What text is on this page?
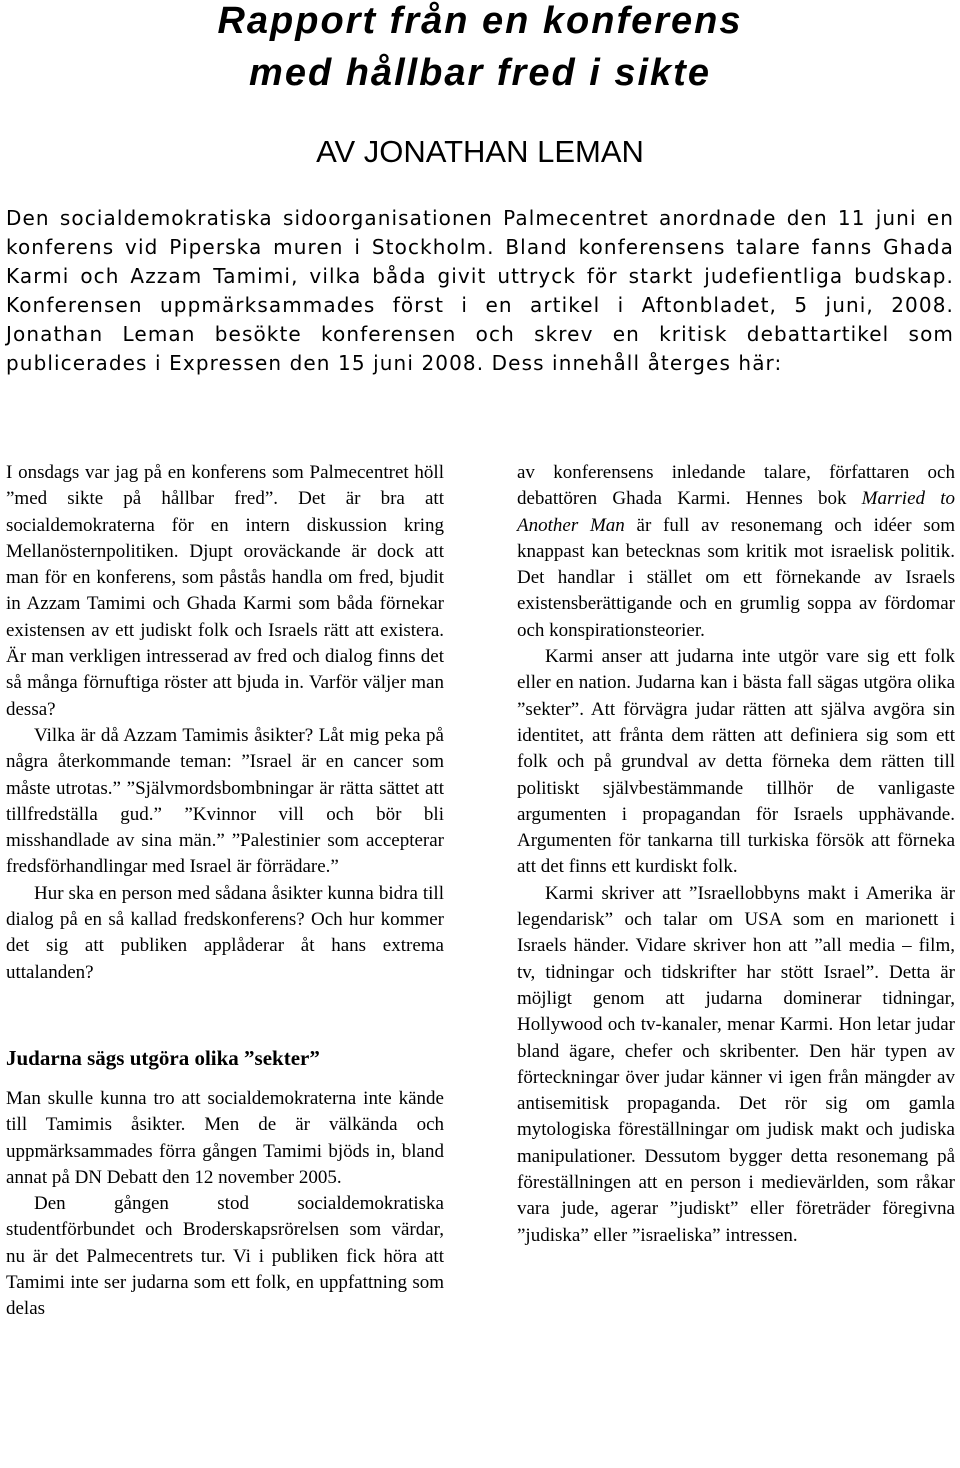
Rapport från en konferens
med hållbar fred i sikte
AV JONATHAN LEMAN

Den socialdemokratiska sidoorganisationen Palmecentret anordnade den 11 juni en konferens vid Piperska muren i Stockholm. Bland konferensens talare fanns Ghada Karmi och Azzam Tamimi, vilka båda givit uttryck för starkt judefientliga budskap. Konferensen uppmärksammades först i en artikel i Aftonbladet, 5 juni, 2008. Jonathan Leman besökte konferensen och skrev en kritisk debattartikel som publicerades i Expressen den 15 juni 2008. Dess innehåll återges här:

I onsdags var jag på en konferens som Palmecentret höll ”med sikte på hållbar fred”. Det är bra att socialdemokraterna för en intern diskussion kring Mellanösternpolitiken. Djupt oroväckande är dock att man för en konferens, som påstås handla om fred, bjudit in Azzam Tamimi och Ghada Karmi som båda förnekar existensen av ett judiskt folk och Israels rätt att existera. Är man verkligen intresserad av fred och dialog finns det så många förnuftiga röster att bjuda in. Varför väljer man dessa?

Vilka är då Azzam Tamimis åsikter? Låt mig peka på några återkommande teman: ”Israel är en cancer som måste utrotas.” ”Självmordsbombningar är rätta sättet att tillfredställa gud.” ”Kvinnor vill och bör bli misshandlade av sina män.” ”Palestinier som accepterar fredsförhandlingar med Israel är förrädare.”

Hur ska en person med sådana åsikter kunna bidra till dialog på en så kallad fredskonferens? Och hur kommer det sig att publiken applåderar åt hans extrema uttalanden?

Judarna sägs utgöra olika ”sekter”

Man skulle kunna tro att socialdemokraterna inte kände till Tamimis åsikter. Men de är välkända och uppmärksammades förra gången Tamimi bjöds in, bland annat på DN Debatt den 12 november 2005.

Den gången stod socialdemokratiska studentförbundet och Broderskapsrörelsen som värdar, nu är det Palmecentrets tur. Vi i publiken fick höra att Tamimi inte ser judarna som ett folk, en uppfattning som delas

av konferensens inledande talare, författaren och debattören Ghada Karmi. Hennes bok Married to Another Man är full av resonemang och idéer som knappast kan betecknas som kritik mot israelisk politik. Det handlar i stället om ett förnekande av Israels existensberättigande och en grumlig soppa av fördomar och konspirationsteorier.

Karmi anser att judarna inte utgör vare sig ett folk eller en nation. Judarna kan i bästa fall sägas utgöra olika ”sekter”. Att förvägra judar rätten att själva avgöra sin identitet, att frånta dem rätten att definiera sig som ett folk och på grundval av detta förneka dem rätten till politiskt självbestämmande tillhör de vanligaste argumenten i propagandan för Israels upphävande. Argumenten för tankarna till turkiska försök att förneka att det finns ett kurdiskt folk.

Karmi skriver att ”Israellobbyns makt i Amerika är legendarisk” och talar om USA som en marionett i Israels händer. Vidare skriver hon att ”all media – film, tv, tidningar och tidskrifter har stött Israel”. Detta är möjligt genom att judarna dominerar tidningar, Hollywood och tv-kanaler, menar Karmi. Hon letar judar bland ägare, chefer och skribenter. Den här typen av förteckningar över judar känner vi igen från mängder av antisemitisk propaganda. Det rör sig om gamla mytologiska föreställningar om judisk makt och judiska manipulationer. Dessutom bygger detta resonemang på föreställningen att en person i medievärlden, som råkar vara jude, agerar ”judiskt” eller företräder föregivna ”judiska” eller ”israeliska” intressen.
